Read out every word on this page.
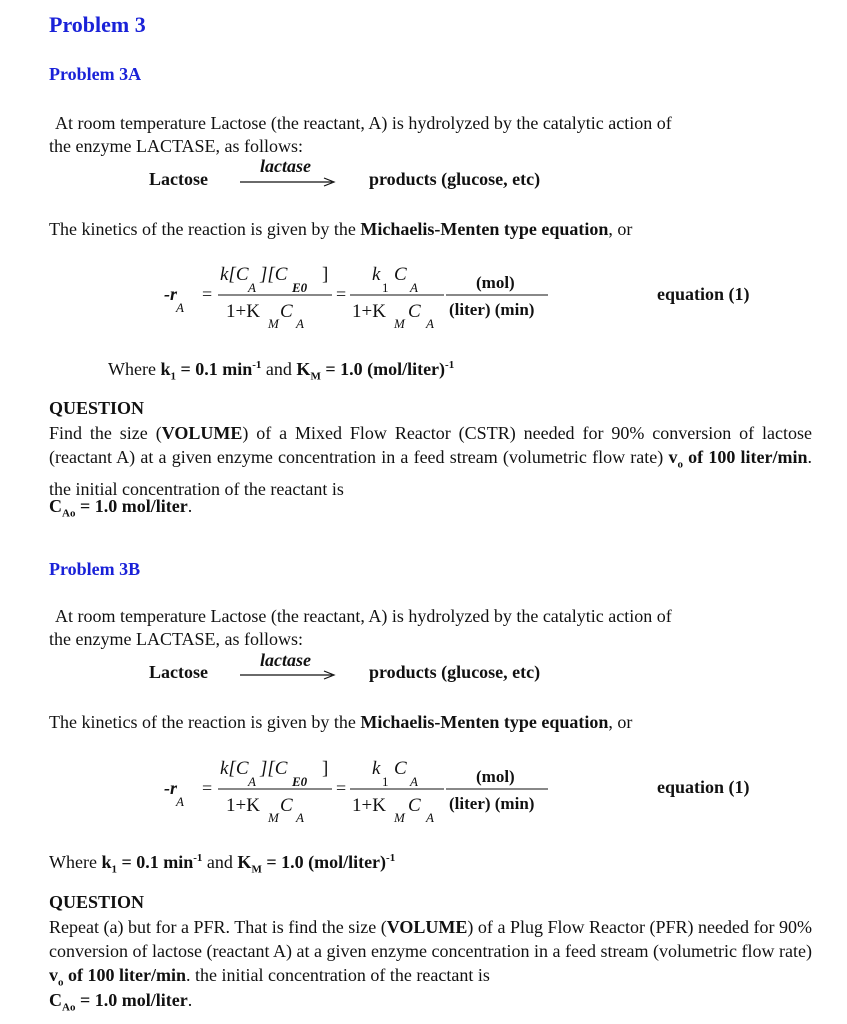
Problem 3
Problem 3A
At room temperature Lactose (the reactant, A) is hydrolyzed by the catalytic action of
the enzyme LACTASE, as follows:
Lactose
lactase
products (glucose, etc)
The kinetics of the reaction is given by the Michaelis-Menten type equation, or
-r
A
=
k[C
A
][C
E0
]
1+K
M
C
A
=
k
1
C
A
1+K
M
C
A
(mol)
(liter) (min)
equation (1)
Where $k_1 = 0.1$ $\min^{-1}$ and $K_M = 1.0$ (mol/liter)$^{-1}$
QUESTION
Find the size (VOLUME) of a Mixed Flow Reactor (CSTR) needed for 90% conversion of lactose (reactant A) at a given enzyme concentration in a feed stream (volumetric flow rate) $v_o$ of 100 liter/min. the initial concentration of the reactant is
$C_{Ao} = 1.0$ mol/liter.
Problem 3B
At room temperature Lactose (the reactant, A) is hydrolyzed by the catalytic action of
the enzyme LACTASE, as follows:
Lactose
lactase
products (glucose, etc)
The kinetics of the reaction is given by the Michaelis-Menten type equation, or
-r
A
=
k[C
A
][C
E0
]
1+K
M
C
A
=
k
1
C
A
1+K
M
C
A
(mol)
(liter) (min)
equation (1)
Where $k_1 = 0.1$ $\min^{-1}$ and $K_M = 1.0$ (mol/liter)$^{-1}$
QUESTION
Repeat (a) but for a PFR. That is find the size (VOLUME) of a Plug Flow Reactor (PFR) needed for 90% conversion of lactose (reactant A) at a given enzyme concentration in a feed stream (volumetric flow rate) $v_o$ of 100 liter/min. the initial concentration of the reactant is
$C_{Ao} = 1.0$ mol/liter.
